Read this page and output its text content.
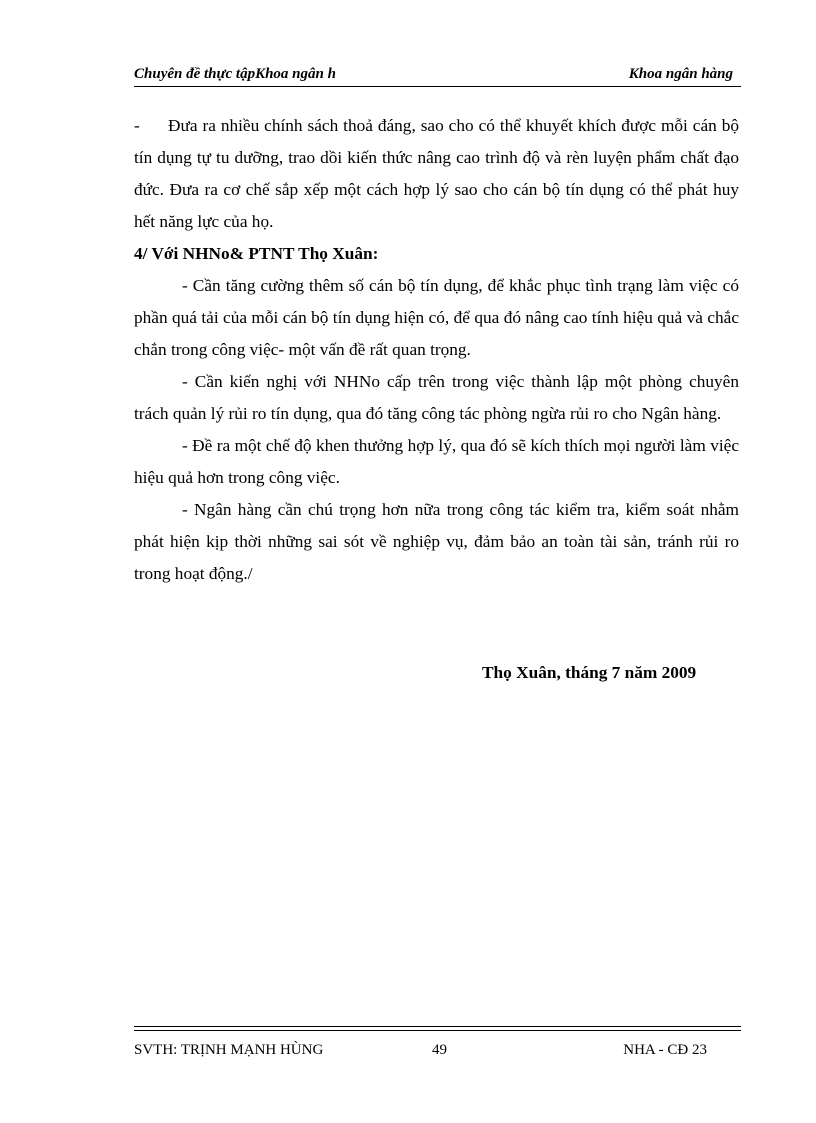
Chuyên đề thực tậpKhoa ngân h	Khoa ngân hàng

- Đưa ra nhiều chính sách thoả đáng, sao cho có thể khuyết khích được mỗi cán bộ tín dụng tự tu dưỡng, trao dồi kiến thức nâng cao trình độ và rèn luyện phẩm chất đạo đức. Đưa ra cơ chế sắp xếp một cách hợp lý sao cho cán bộ tín dụng có thể phát huy hết năng lực của họ.

4/ Với NHNo& PTNT Thọ Xuân:

- Cần tăng cường thêm số cán bộ tín dụng, để khắc phục tình trạng làm việc có phần quá tải của mỗi cán bộ tín dụng hiện có, để qua đó nâng cao tính hiệu quả và chắc chắn trong công việc- một vấn đề rất quan trọng.

- Cần kiến nghị với NHNo cấp trên trong việc thành lập một phòng chuyên trách quản lý rủi ro tín dụng, qua đó tăng công tác phòng ngừa rủi ro cho Ngân hàng.

- Đề ra một chế độ khen thưởng hợp lý, qua đó sẽ kích thích mọi người làm việc hiệu quả hơn trong công việc.

- Ngân hàng cần chú trọng hơn nữa trong công tác kiểm tra, kiểm soát nhằm phát hiện kịp thời những sai sót về nghiệp vụ, đảm bảo an toàn tài sản, tránh rủi ro trong hoạt động./

Thọ Xuân, tháng 7 năm 2009
SVTH: TRỊNH MẠNH HÙNG	49	NHA - CĐ 23
